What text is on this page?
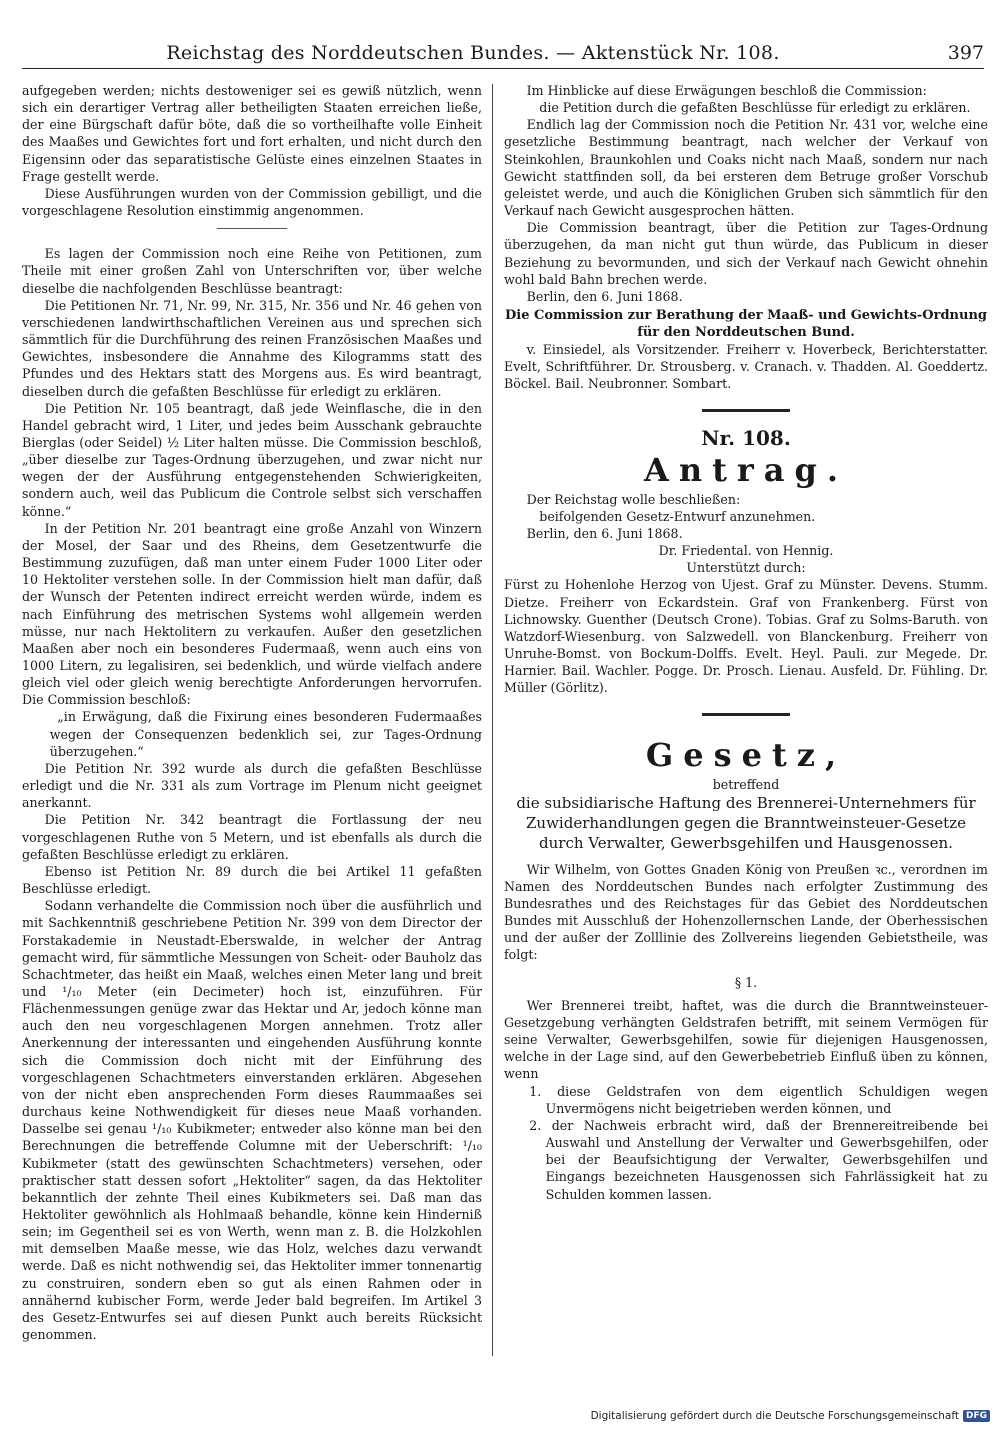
Reichstag des Norddeutschen Bundes. — Aktenstück Nr. 108.	397

aufgegeben werden; nichts destoweniger sei es gewiß nützlich, wenn sich ein derartiger Vertrag aller betheiligten Staaten erreichen ließe, der eine Bürgschaft dafür böte, daß die so vortheilhafte volle Einheit des Maaßes und Gewichtes fort und fort erhalten, und nicht durch den Eigensinn oder das separatistische Gelüste eines einzelnen Staates in Frage gestellt werde.

Diese Ausführungen wurden von der Commission gebilligt, und die vorgeschlagene Resolution einstimmig angenommen.

Es lagen der Commission noch eine Reihe von Petitionen, zum Theile mit einer großen Zahl von Unterschriften vor, über welche dieselbe die nachfolgenden Beschlüsse beantragt:

Die Petitionen Nr. 71, Nr. 99, Nr. 315, Nr. 356 und Nr. 46 gehen von verschiedenen landwirthschaftlichen Vereinen aus und sprechen sich sämmtlich für die Durchführung des reinen Französischen Maaßes und Gewichtes, insbesondere die Annahme des Kilogramms statt des Pfundes und des Hektars statt des Morgens aus. Es wird beantragt, dieselben durch die gefaßten Beschlüsse für erledigt zu erklären.

Die Petition Nr. 105 beantragt, daß jede Weinflasche, die in den Handel gebracht wird, 1 Liter, und jedes beim Ausschank gebrauchte Bierglas (oder Seidel) ½ Liter halten müsse. Die Commission beschloß, „über dieselbe zur Tages-Ordnung überzugehen, und zwar nicht nur wegen der der Ausführung entgegenstehenden Schwierigkeiten, sondern auch, weil das Publicum die Controle selbst sich verschaffen könne.“

In der Petition Nr. 201 beantragt eine große Anzahl von Winzern der Mosel, der Saar und des Rheins, dem Gesetzentwurfe die Bestimmung zuzufügen, daß man unter einem Fuder 1000 Liter oder 10 Hektoliter verstehen solle. In der Commission hielt man dafür, daß der Wunsch der Petenten indirect erreicht werden würde, indem es nach Einführung des metrischen Systems wohl allgemein werden müsse, nur nach Hektolitern zu verkaufen. Außer den gesetzlichen Maaßen aber noch ein besonderes Fudermaaß, wenn auch eins von 1000 Litern, zu legalisiren, sei bedenklich, und würde vielfach andere gleich viel oder gleich wenig berechtigte Anforderungen hervorrufen. Die Commission beschloß:

„in Erwägung, daß die Fixirung eines besonderen Fudermaaßes wegen der Consequenzen bedenklich sei, zur Tages-Ordnung überzugehen.“

Die Petition Nr. 392 wurde als durch die gefaßten Beschlüsse erledigt und die Nr. 331 als zum Vortrage im Plenum nicht geeignet anerkannt.

Die Petition Nr. 342 beantragt die Fortlassung der neu vorgeschlagenen Ruthe von 5 Metern, und ist ebenfalls als durch die gefaßten Beschlüsse erledigt zu erklären.

Ebenso ist Petition Nr. 89 durch die bei Artikel 11 gefaßten Beschlüsse erledigt.

Sodann verhandelte die Commission noch über die ausführlich und mit Sachkenntniß geschriebene Petition Nr. 399 von dem Director der Forstakademie in Neustadt-Eberswalde, in welcher der Antrag gemacht wird, für sämmtliche Messungen von Scheit- oder Bauholz das Schachtmeter, das heißt ein Maaß, welches einen Meter lang und breit und ¹/₁₀ Meter (ein Decimeter) hoch ist, einzuführen. Für Flächenmessungen genüge zwar das Hektar und Ar, jedoch könne man auch den neu vorgeschlagenen Morgen annehmen. Trotz aller Anerkennung der interessanten und eingehenden Ausführung konnte sich die Commission doch nicht mit der Einführung des vorgeschlagenen Schachtmeters einverstanden erklären. Abgesehen von der nicht eben ansprechenden Form dieses Raummaaßes sei durchaus keine Nothwendigkeit für dieses neue Maaß vorhanden. Dasselbe sei genau ¹/₁₀ Kubikmeter; entweder also könne man bei den Berechnungen die betreffende Columne mit der Ueberschrift: ¹/₁₀ Kubikmeter (statt des gewünschten Schachtmeters) versehen, oder praktischer statt dessen sofort „Hektoliter“ sagen, da das Hektoliter bekanntlich der zehnte Theil eines Kubikmeters sei. Daß man das Hektoliter gewöhnlich als Hohlmaaß behandle, könne kein Hinderniß sein; im Gegentheil sei es von Werth, wenn man z. B. die Holzkohlen mit demselben Maaße messe, wie das Holz, welches dazu verwandt werde. Daß es nicht nothwendig sei, das Hektoliter immer tonnenartig zu construiren, sondern eben so gut als einen Rahmen oder in annähernd kubischer Form, werde Jeder bald begreifen. Im Artikel 3 des Gesetz-Entwurfes sei auf diesen Punkt auch bereits Rücksicht genommen.

Im Hinblicke auf diese Erwägungen beschloß die Commission:

die Petition durch die gefaßten Beschlüsse für erledigt zu erklären.

Endlich lag der Commission noch die Petition Nr. 431 vor, welche eine gesetzliche Bestimmung beantragt, nach welcher der Verkauf von Steinkohlen, Braunkohlen und Coaks nicht nach Maaß, sondern nur nach Gewicht stattfinden soll, da bei ersteren dem Betruge großer Vorschub geleistet werde, und auch die Königlichen Gruben sich sämmtlich für den Verkauf nach Gewicht ausgesprochen hätten.

Die Commission beantragt, über die Petition zur Tages-Ordnung überzugehen, da man nicht gut thun würde, das Publicum in dieser Beziehung zu bevormunden, und sich der Verkauf nach Gewicht ohnehin wohl bald Bahn brechen werde.

Berlin, den 6. Juni 1868.

Die Commission zur Berathung der Maaß- und Gewichts-Ordnung für den Norddeutschen Bund.

v. Einsiedel, als Vorsitzender. Freiherr v. Hoverbeck, Berichterstatter. Evelt, Schriftführer. Dr. Strousberg. v. Cranach. v. Thadden. Al. Goeddertz. Böckel. Bail. Neubronner. Sombart.

Nr. 108.
Antrag.

Der Reichstag wolle beschließen:

beifolgenden Gesetz-Entwurf anzunehmen.

Berlin, den 6. Juni 1868.

Dr. Friedental. von Hennig.

Unterstützt durch:

Fürst zu Hohenlohe Herzog von Ujest. Graf zu Münster. Devens. Stumm. Dietze. Freiherr von Eckardstein. Graf von Frankenberg. Fürst von Lichnowsky. Guenther (Deutsch Crone). Tobias. Graf zu Solms-Baruth. von Watzdorf-Wiesenburg. von Salzwedell. von Blanckenburg. Freiherr von Unruhe-Bomst. von Bockum-Dolffs. Evelt. Heyl. Pauli. zur Megede. Dr. Harnier. Bail. Wachler. Pogge. Dr. Prosch. Lienau. Ausfeld. Dr. Fühling. Dr. Müller (Görlitz).

Gesetz,

betreffend

die subsidiarische Haftung des Brennerei-Unternehmers für Zuwiderhandlungen gegen die Branntweinsteuer-Gesetze durch Verwalter, Gewerbsgehilfen und Hausgenossen.

Wir Wilhelm, von Gottes Gnaden König von Preußen ꝛc., verordnen im Namen des Norddeutschen Bundes nach erfolgter Zustimmung des Bundesrathes und des Reichstages für das Gebiet des Norddeutschen Bundes mit Ausschluß der Hohenzollernschen Lande, der Oberhessischen und der außer der Zolllinie des Zollvereins liegenden Gebietstheile, was folgt:

§ 1.

Wer Brennerei treibt, haftet, was die durch die Branntweinsteuer-Gesetzgebung verhängten Geldstrafen betrifft, mit seinem Vermögen für seine Verwalter, Gewerbsgehilfen, sowie für diejenigen Hausgenossen, welche in der Lage sind, auf den Gewerbebetrieb Einfluß üben zu können, wenn

1. diese Geldstrafen von dem eigentlich Schuldigen wegen Unvermögens nicht beigetrieben werden können, und

2. der Nachweis erbracht wird, daß der Brennereitreibende bei Auswahl und Anstellung der Verwalter und Gewerbsgehilfen, oder bei der Beaufsichtigung der Verwalter, Gewerbsgehilfen und Eingangs bezeichneten Hausgenossen sich Fahrlässigkeit hat zu Schulden kommen lassen.

Digitalisierung gefördert durch die Deutsche Forschungsgemeinschaft DFG
